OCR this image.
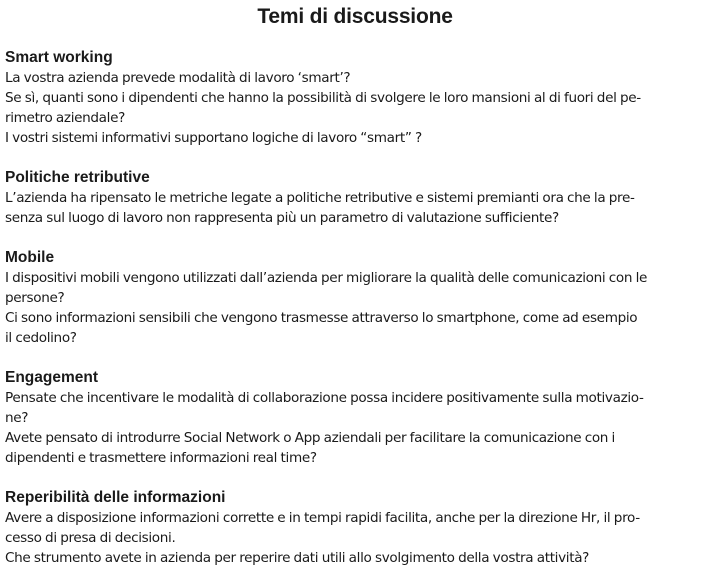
Temi di discussione
Smart working

La vostra azienda prevede modalità di lavoro ‘smart’?

Se sì, quanti sono i dipendenti che hanno la possibilità di svolgere le loro mansioni al di fuori del pe-
rimetro aziendale?

I vostri sistemi informativi supportano logiche di lavoro “smart” ?

Politiche retributive

L’azienda ha ripensato le metriche legate a politiche retributive e sistemi premianti ora che la pre-
senza sul luogo di lavoro non rappresenta più un parametro di valutazione sufficiente?

Mobile

I dispositivi mobili vengono utilizzati dall’azienda per migliorare la qualità delle comunicazioni con le
persone?

Ci sono informazioni sensibili che vengono trasmesse attraverso lo smartphone, come ad esempio
il cedolino?

Engagement

Pensate che incentivare le modalità di collaborazione possa incidere positivamente sulla motivazio-
ne?

Avete pensato di introdurre Social Network o App aziendali per facilitare la comunicazione con i
dipendenti e trasmettere informazioni real time?

Reperibilità delle informazioni

Avere a disposizione informazioni corrette e in tempi rapidi facilita, anche per la direzione Hr, il pro-
cesso di presa di decisioni.

Che strumento avete in azienda per reperire dati utili allo svolgimento della vostra attività?
